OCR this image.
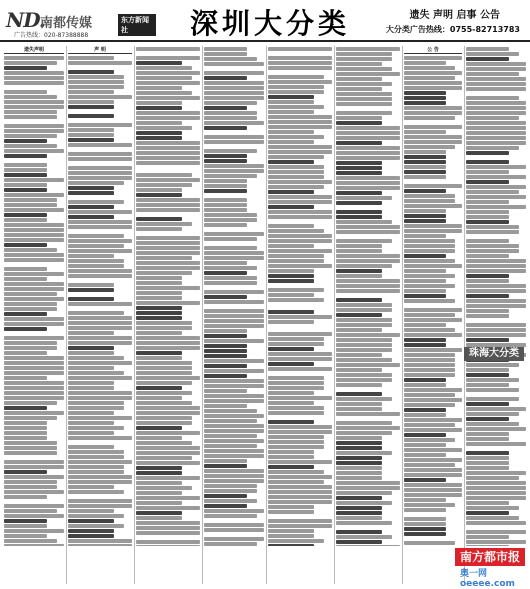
ND.
南都传媒	东方新闻社
广告热线：020-87388888	深圳大分类	遗失 声明 启事 公告
大分类广告热线：0755-82713783
遗失声明	声 明	公 告
珠海大分类
南方都市报
奥一网 oeeee.com
